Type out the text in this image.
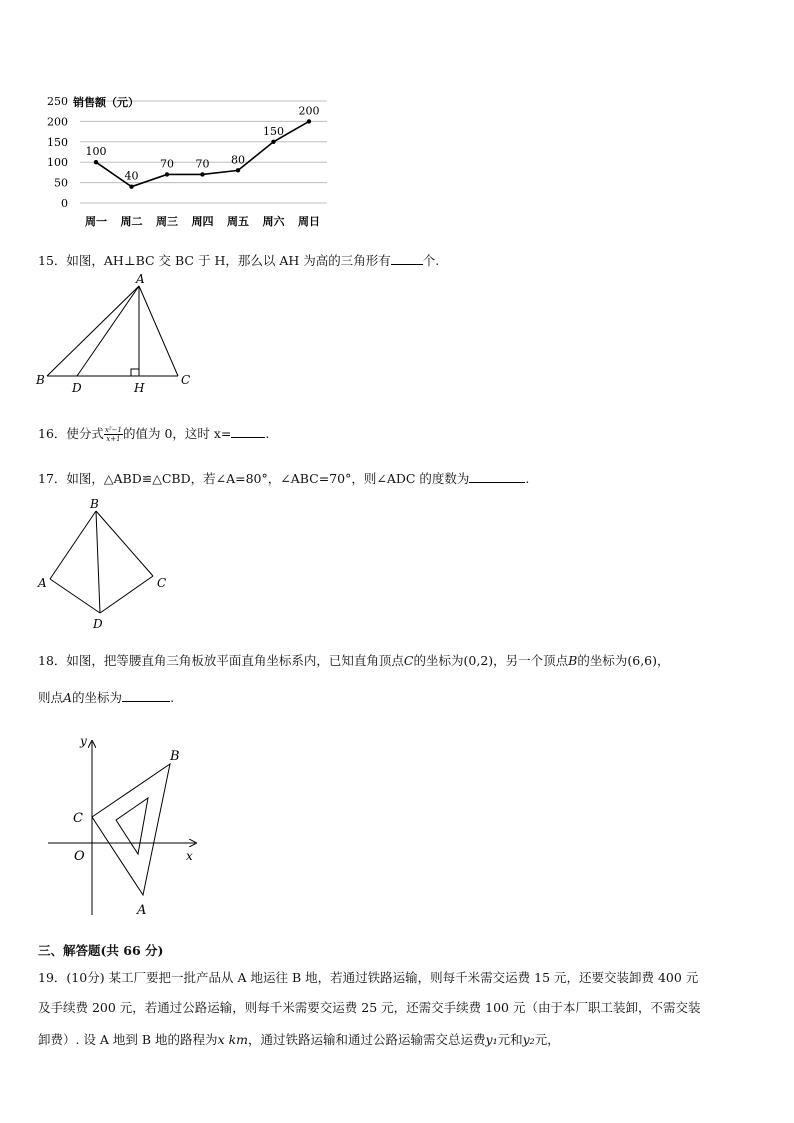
250
200
150
100
50
0
周一 周二 周三 周四 周五 周六 周日
100
40
70 70 80
150
200
销售额（元）
15．如图，AH⊥BC 交 BC 于 H，那么以 AH 为高的三角形有	个.
A
B
D	H
C
16．使分式 $\frac{\text{x²−1}}{x+1}$ 的值为 0，这时 x=	.
17．如图，△ABD≌△CBD，若∠A=80°，∠ABC=70°，则∠ADC 的度数为	.
B
A	C
D
18．如图，把等腰直角三角板放平面直角坐标系内，已知直角顶点C的坐标为(0,2)，另一个顶点B的坐标为(6,6)，
则点A的坐标为	.
y
x
O
C
B
A
三、解答题(共 66 分)
19．(10分) 某工厂要把一批产品从 A 地运往 B 地，若通过铁路运输，则每千米需交运费 15 元，还要交装卸费 400 元
及手续费 200 元，若通过公路运输，则每千米需要交运费 25 元，还需交手续费 100 元（由于本厂职工装卸，不需交装
卸费）. 设 A 地到 B 地的路程为x km，通过铁路运输和通过公路运输需交总运费y₁元和y₂元，
